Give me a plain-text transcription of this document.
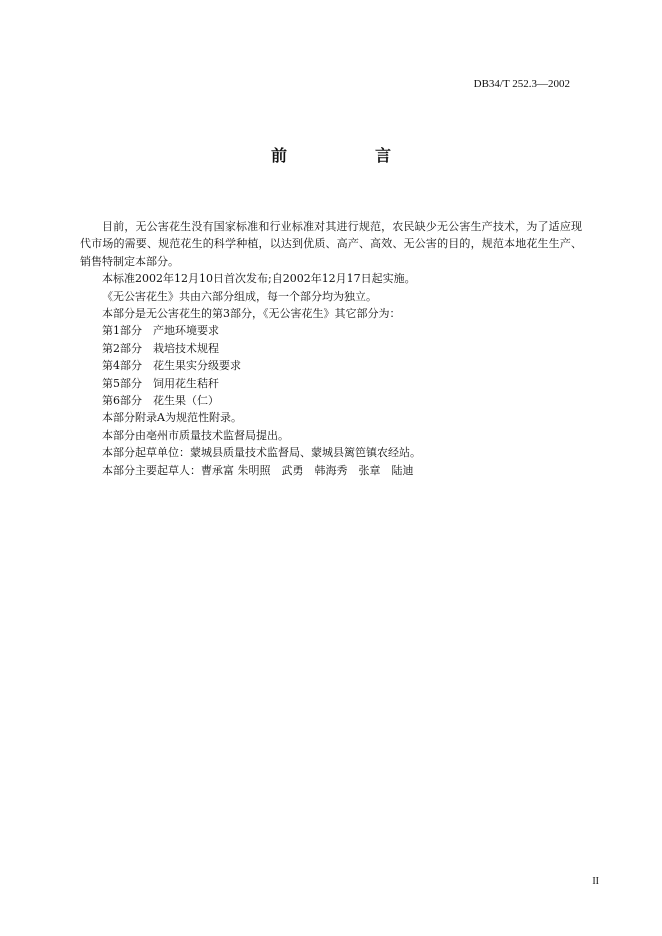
DB34/T 252.3—2002
前　言

目前，无公害花生没有国家标准和行业标准对其进行规范，农民缺少无公害生产技术，为了适应现代市场的需要、规范花生的科学种植，以达到优质、高产、高效、无公害的目的，规范本地花生生产、销售特制定本部分。

本标准2002年12月10日首次发布;自2002年12月17日起实施。

《无公害花生》共由六部分组成，每一个部分均为独立。

本部分是无公害花生的第3部分，《无公害花生》其它部分为：

第1部分　产地环境要求

第2部分　栽培技术规程

第4部分　花生果实分级要求

第5部分　饲用花生秸秆

第6部分　花生果（仁）

本部分附录A为规范性附录。

本部分由亳州市质量技术监督局提出。

本部分起草单位：蒙城县质量技术监督局、蒙城县篱笆镇农经站。

本部分主要起草人：曹承富 朱明照　武勇　韩海秀　张章　陆迪

II
